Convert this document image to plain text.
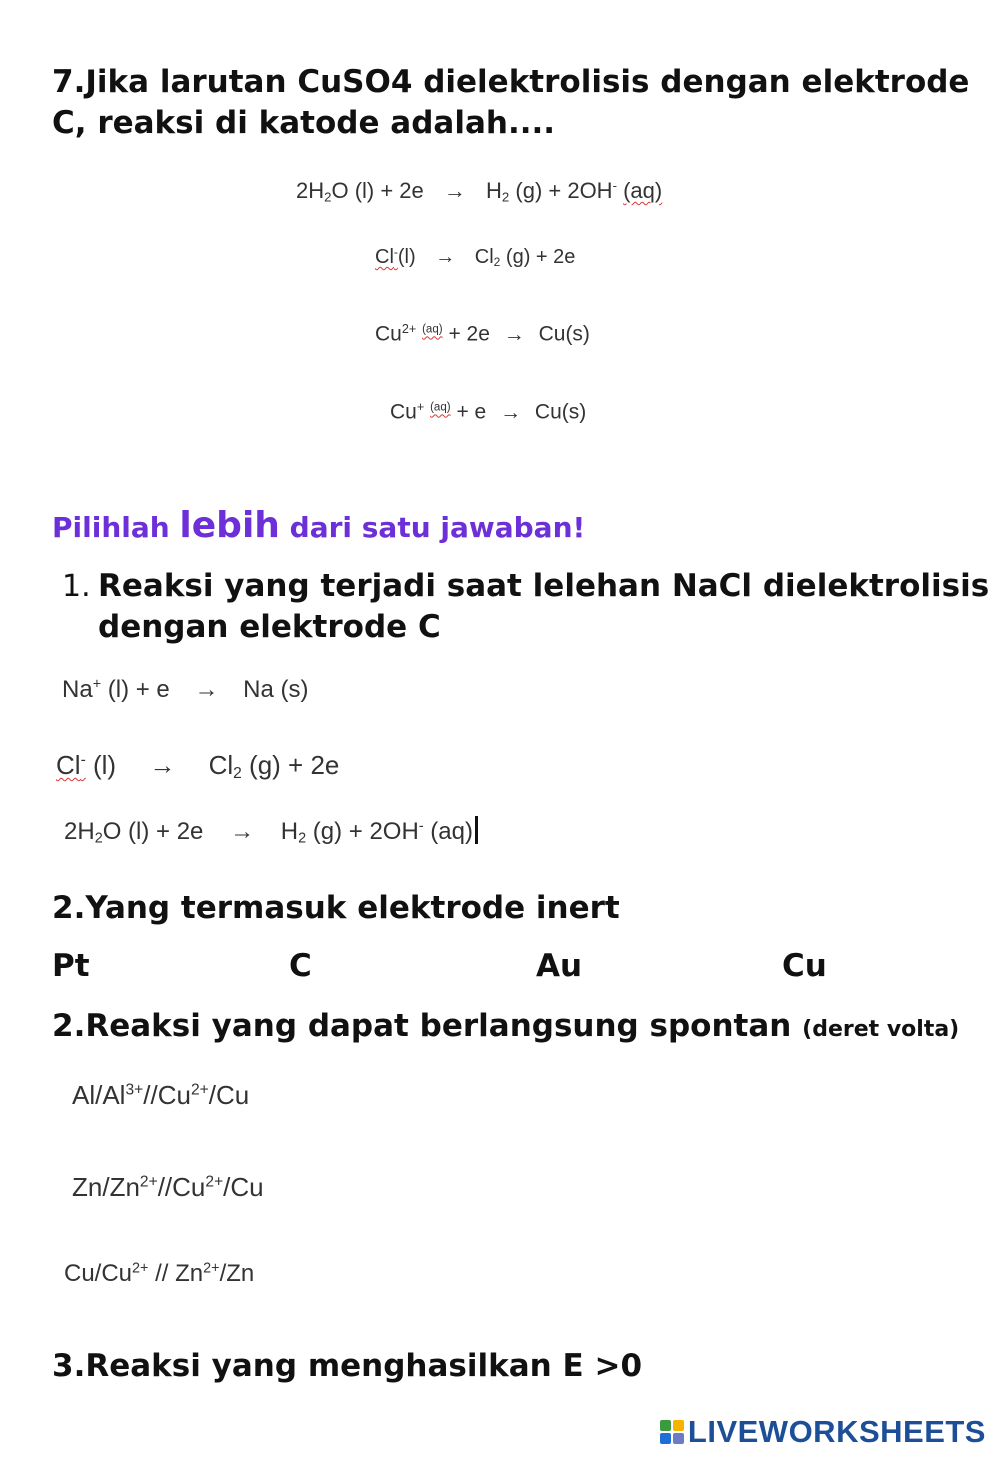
7.Jika larutan CuSO4 dielektrolisis dengan elektrode
C, reaksi di katode adalah....

$2H_2O$ $(l) + 2e \to H_2$ (g) + 2OH- (aq)
$Cl^-(l) \to Cl_2$ (g) + 2e
$Cu^{2+}$ $^{(aq)}$ + 2e → Cu(s)
Cu+ $^{(aq)}$ + e → Cu(s)
Pilihlah lebih dari satu jawaban!
1. Reaksi yang terjadi saat lelehan NaCl dielektrolisis
dengan elektrode C

Na+ (l) + e → Na (s)
Cl- $(l) \to Cl_2$ (g) + 2e
$2H_2O$ $(l) + 2e \to H_2$ (g) + 2OH- (aq)
2.Yang termasuk elektrode inert
Pt	C	Au	Cu
2.Reaksi yang dapat berlangsung spontan (deret volta)
$Al/Al^{3+}//Cu^{2+}/Cu$
$Zn/Zn^{2+}//Cu^{2+}/Cu$
$Cu/Cu^{2+} // Zn^{2+}/Zn$
3.Reaksi yang menghasilkan E >0
LIVEWORKSHEETS
